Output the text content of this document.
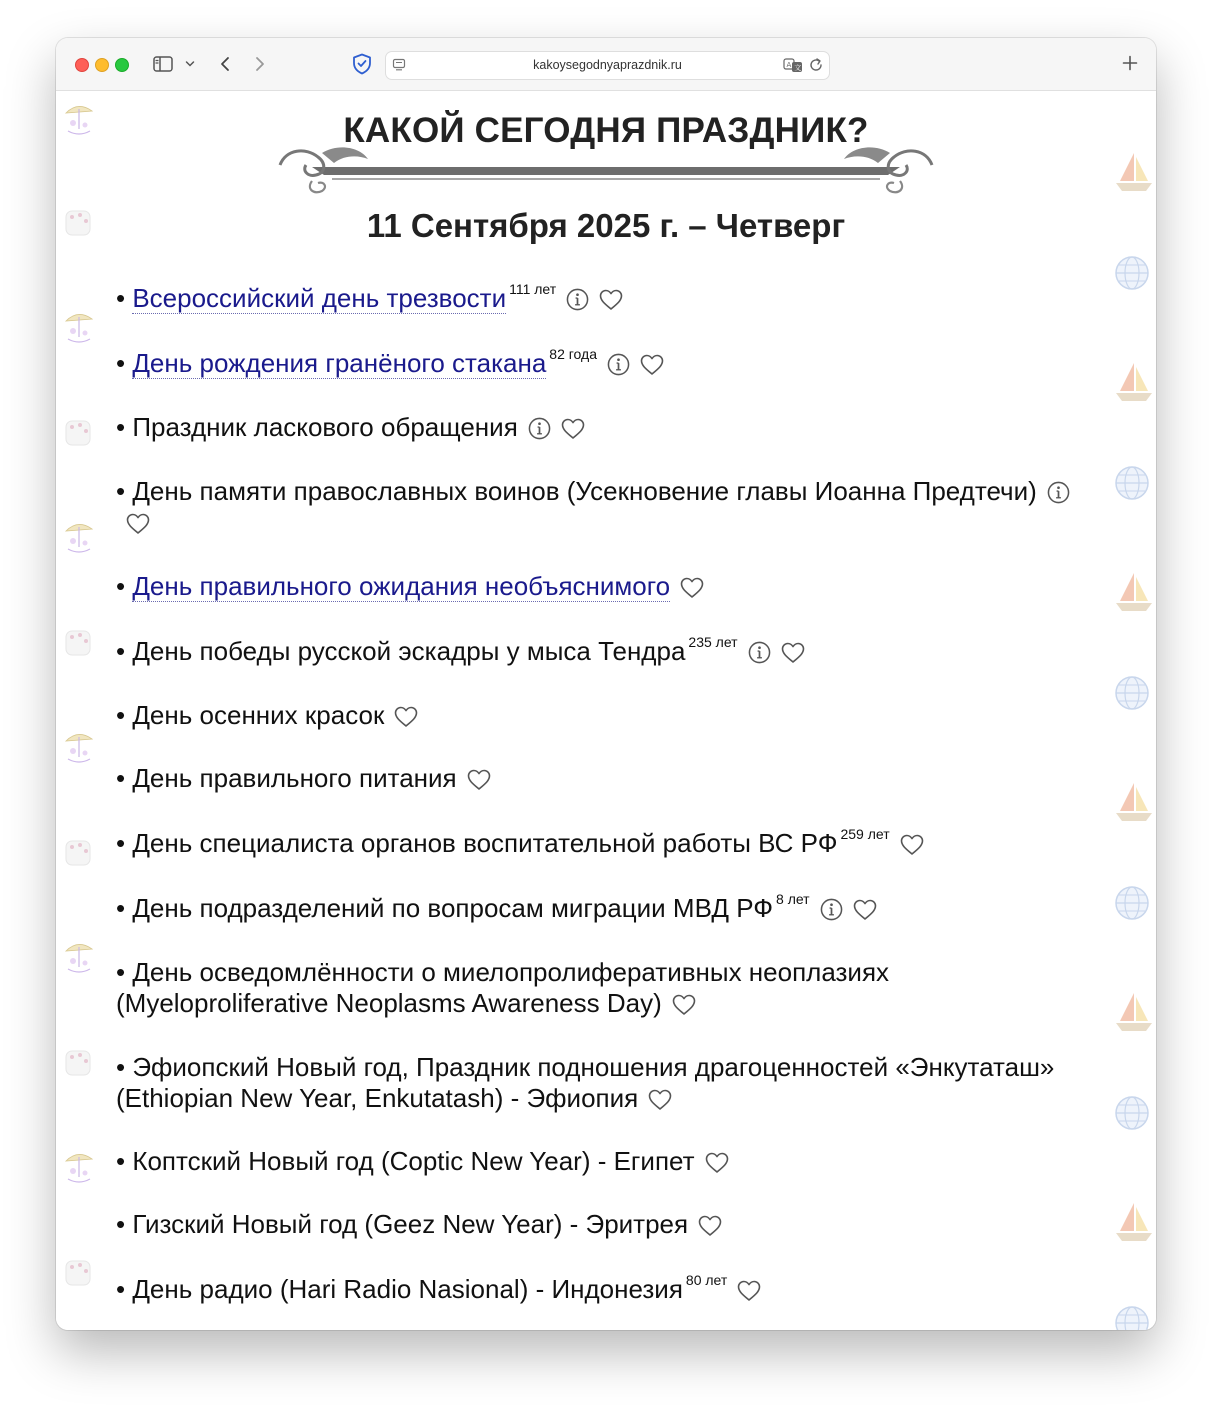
kakoysegodnyaprazdnik.ru	A 文
КАКОЙ СЕГОДНЯ ПРАЗДНИК?
11 Сентября 2025 г. – Четверг
• Всероссийский день трезвости $^{111 лет}$
• День рождения гранёного стакана $^{82 года}$
• Праздник ласкового обращения
• День памяти православных воинов (Усекновение главы Иоанна Предтечи)
• День правильного ожидания необъяснимого
• День победы русской эскадры у мыса Тендра $^{235 лет}$
• День осенних красок
• День правильного питания
• День специалиста органов воспитательной работы ВС РФ $^{259 лет}$
• День подразделений по вопросам миграции МВД РФ $^{8 лет}$
• День осведомлённости о миелопролиферативных неоплазиях (Myeloproliferative Neoplasms Awareness Day)
• Эфиопский Новый год, Праздник подношения драгоценностей «Энкутаташ» (Ethiopian New Year, Enkutatash) - Эфиопия
• Коптский Новый год (Coptic New Year) - Египет
• Гизский Новый год (Geez New Year) - Эритрея
• День радио (Hari Radio Nasional) - Индонезия $^{80 лет}$
